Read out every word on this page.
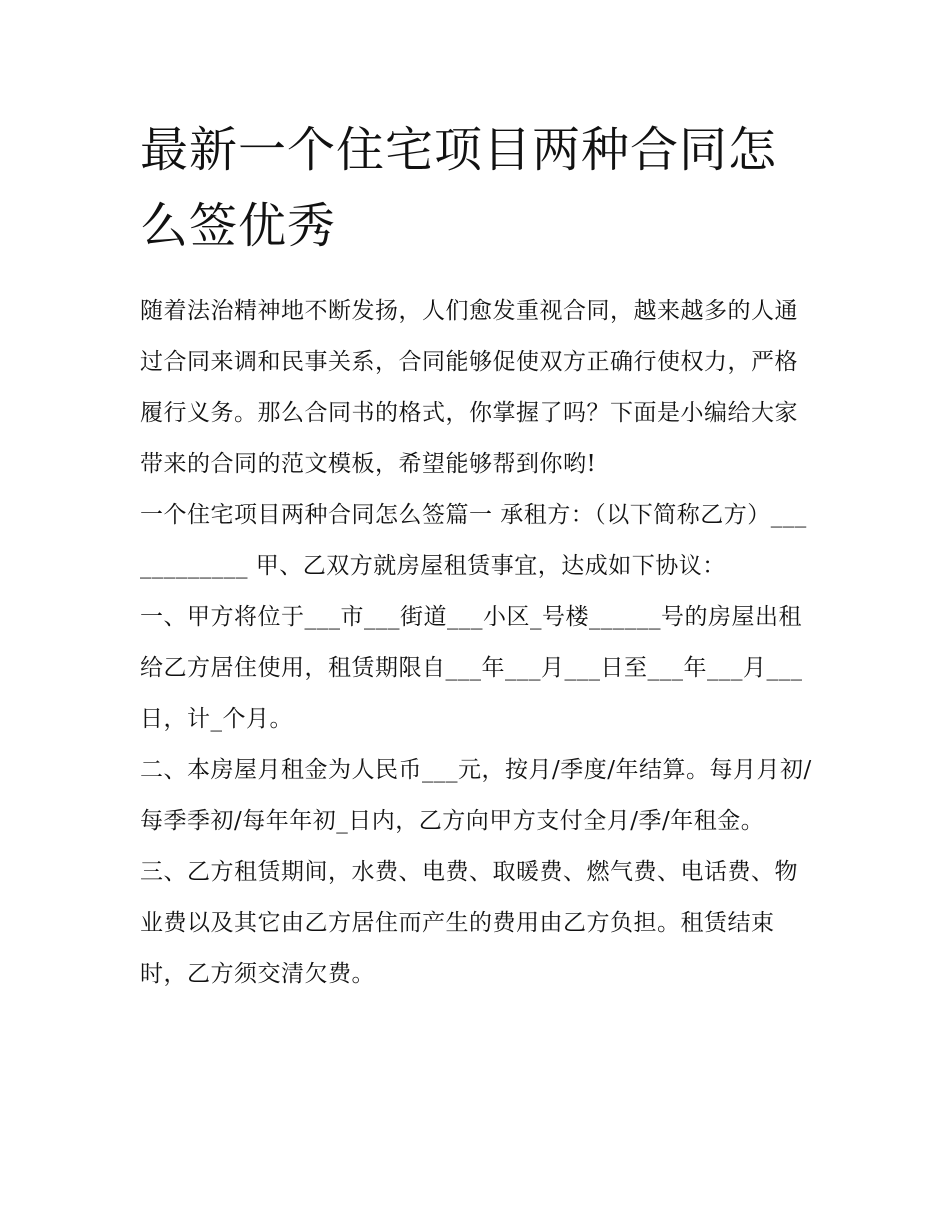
最新一个住宅项目两种合同怎么签优秀

随着法治精神地不断发扬，人们愈发重视合同，越来越多的人通过合同来调和民事关系，合同能够促使双方正确行使权力，严格履行义务。那么合同书的格式，你掌握了吗？下面是小编给大家带来的合同的范文模板，希望能够帮到你哟!

一个住宅项目两种合同怎么签篇一 承租方：（以下简称乙方）____________ 甲、乙双方就房屋租赁事宜，达成如下协议：

一、甲方将位于___市___街道___小区_号楼______号的房屋出租给乙方居住使用，租赁期限自___年___月___日至___年___月___日，计_个月。

二、本房屋月租金为人民币___元，按月/季度/年结算。每月月初/每季季初/每年年初_日内，乙方向甲方支付全月/季/年租金。

三、乙方租赁期间，水费、电费、取暖费、燃气费、电话费、物业费以及其它由乙方居住而产生的费用由乙方负担。租赁结束时，乙方须交清欠费。
